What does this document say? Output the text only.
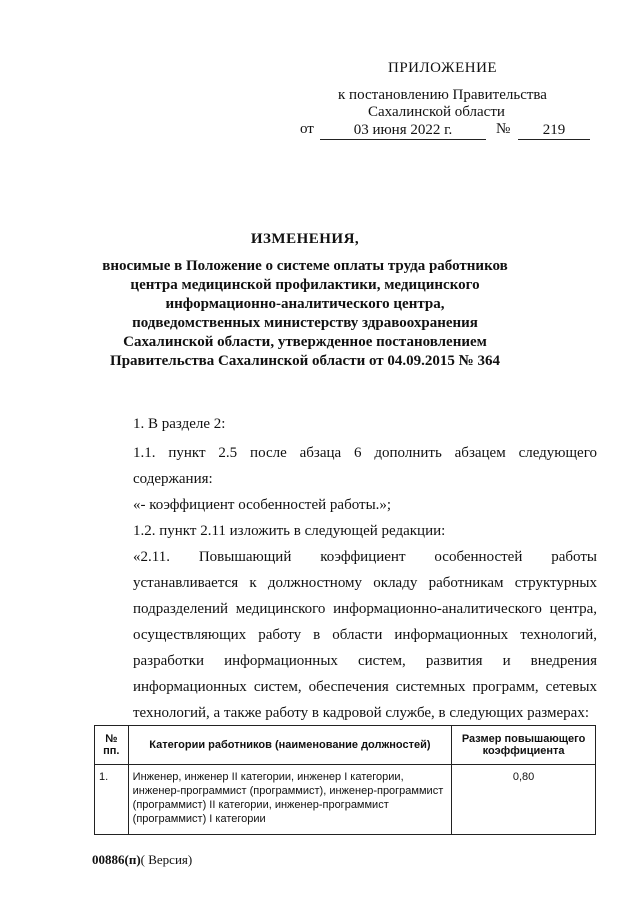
ПРИЛОЖЕНИЕ
к постановлению Правительства
Сахалинской области
от	03 июня 2022 г.	№	219
ИЗМЕНЕНИЯ,
вносимые в Положение о системе оплаты труда работников центра медицинской профилактики, медицинского информационно-аналитического центра, подведомственных министерству здравоохранения Сахалинской области, утвержденное постановлением Правительства Сахалинской области от 04.09.2015 № 364
1. В разделе 2:
1.1. пункт 2.5 после абзаца 6 дополнить абзацем следующего содержания:
«- коэффициент особенностей работы.»;
1.2. пункт 2.11 изложить в следующей редакции:
«2.11. Повышающий коэффициент особенностей работы устанавливается к должностному окладу работникам структурных подразделений медицинского информационно-аналитического центра, осуществляющих работу в области информационных технологий, разработки информационных систем, развития и внедрения информационных систем, обеспечения системных программ, сетевых технологий, а также работу в кадровой службе, в следующих размерах:
№ пп.	Категории работников (наименование должностей)	Размер повышающего коэффициента
1.	Инженер, инженер II категории, инженер I категории, инженер-программист (программист), инженер-программист (программист) II категории, инженер-программист (программист) I категории	0,80
00886(п)( Версия)
